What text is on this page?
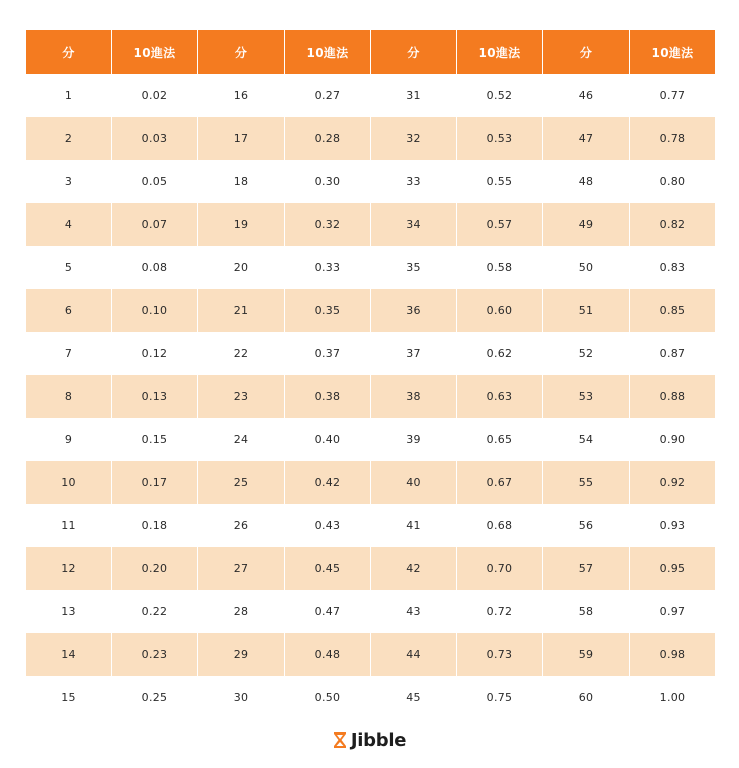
分	10進法	分	10進法	分	10進法	分	10進法
1	0.02	16	0.27	31	0.52	46	0.77
2	0.03	17	0.28	32	0.53	47	0.78
3	0.05	18	0.30	33	0.55	48	0.80
4	0.07	19	0.32	34	0.57	49	0.82
5	0.08	20	0.33	35	0.58	50	0.83
6	0.10	21	0.35	36	0.60	51	0.85
7	0.12	22	0.37	37	0.62	52	0.87
8	0.13	23	0.38	38	0.63	53	0.88
9	0.15	24	0.40	39	0.65	54	0.90
10	0.17	25	0.42	40	0.67	55	0.92
11	0.18	26	0.43	41	0.68	56	0.93
12	0.20	27	0.45	42	0.70	57	0.95
13	0.22	28	0.47	43	0.72	58	0.97
14	0.23	29	0.48	44	0.73	59	0.98
15	0.25	30	0.50	45	0.75	60	1.00
Jibble
